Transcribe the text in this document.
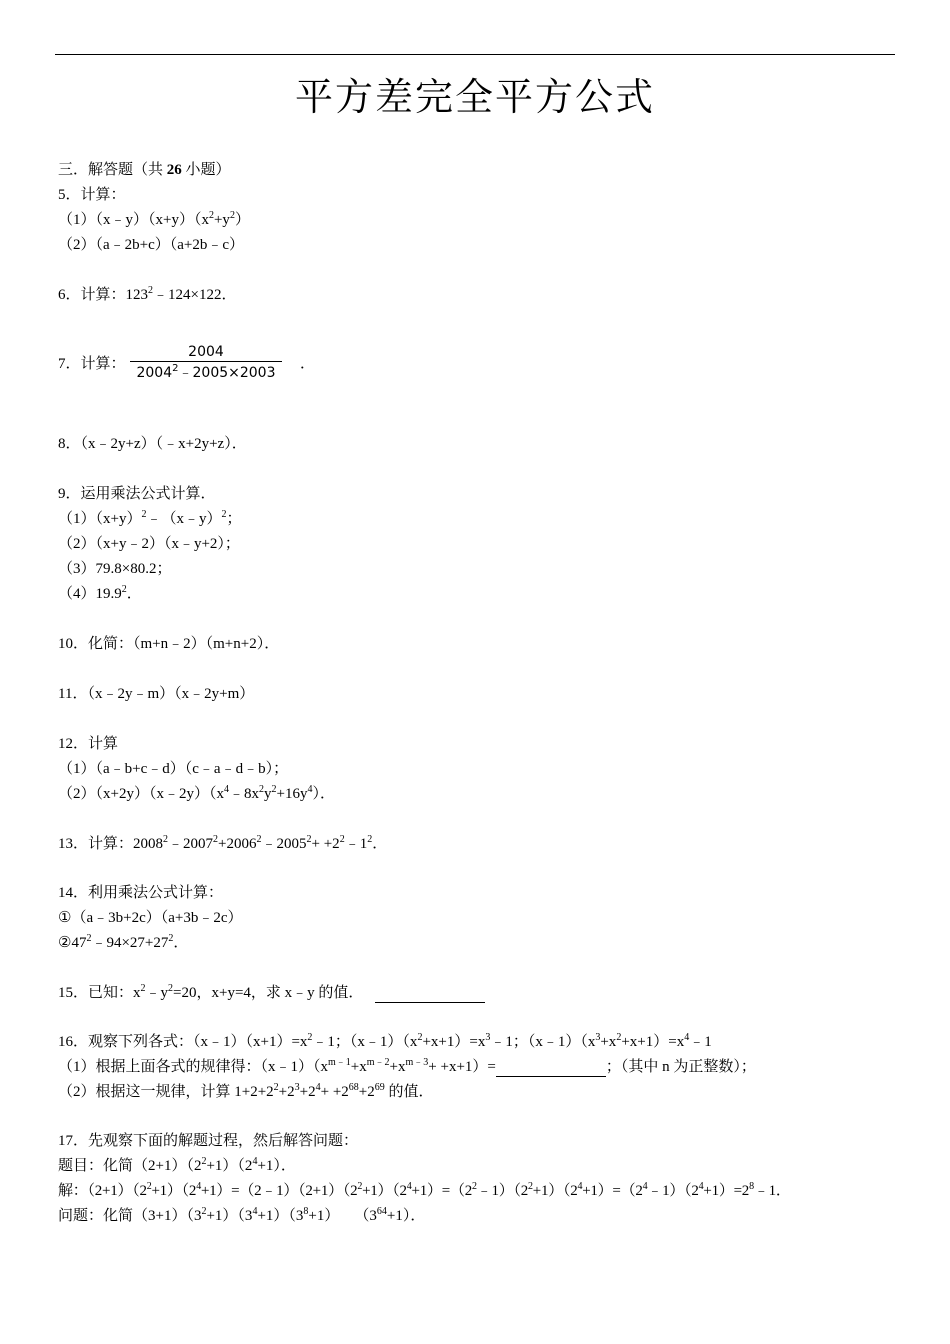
平方差完全平方公式
三．解答题（共 26 小题）
5．计算：
$(1)(x﹣y)(x+y)(x^2+y^2)$
（2）（a﹣2b+c）（a+2b﹣c）
6．计算：$123^2﹣124\times 122$．
7．计算：
2004
$2004^2﹣2005\times 2003$
．
8．（x﹣2y+z）（﹣x+2y+z）．
9．运用乘法公式计算．
$(1)(x+y)^2﹣(x﹣y)^2$；
（2）（x+y﹣2）（x﹣y+2）；
（3）79.8×80.2；
（4）19.9$^2$．
10．化简：（m+n﹣2）（m+n+2）．
11．（x﹣2y﹣m）（x﹣2y+m）
12．计算
（1）（a﹣b+c﹣d）（c﹣a﹣d﹣b）；
$(2)(x+2y)(x﹣2y)(x^4﹣8x^2y^2+16y^4)$．
13．计算：$2008^2﹣2007^2+2006^2﹣2005^2+$ $+2^2﹣1^2$．
14．利用乘法公式计算：
①（a﹣3b+2c）（a+3b﹣2c）
$②47^2﹣94\times 27+27^2$．
15．已知：$x^2﹣y^2=20$，x+y=4，求 x﹣y 的值．
16．观察下列各式：$(x﹣1)(x+1)=x^2﹣1$；$(x﹣1)(x^2+x+1)=x^3﹣1$；$(x﹣1)(x^3+x^2+x+1)=x^4﹣1$
（1）根据上面各式的规律得：$(x﹣1)(x^{m﹣1}+x^{m﹣2}+x^{m﹣3}+ +x+1)=$	；（其中 n 为正整数）；
（2）根据这一规律，计算 $1+2+2^2+2^3+2^4+ +2^{68}+2^{69}$ 的值．
17．先观察下面的解题过程，然后解答问题：
题目：化简$(2+1)(2^2+1)(2^4+1)$．
解：$(2+1)(2^2+1)(2^4+1)=(2﹣1)(2+1)(2^2+1)(2^4+1)=(2^2﹣1)(2^2+1)(2^4+1)=(2^4﹣1)(2^4+1)=2^8﹣1$．
问题：化简$(3+1)(3^2+1)(3^4+1)(3^8+1)$    $(3^{64}+1)$．
